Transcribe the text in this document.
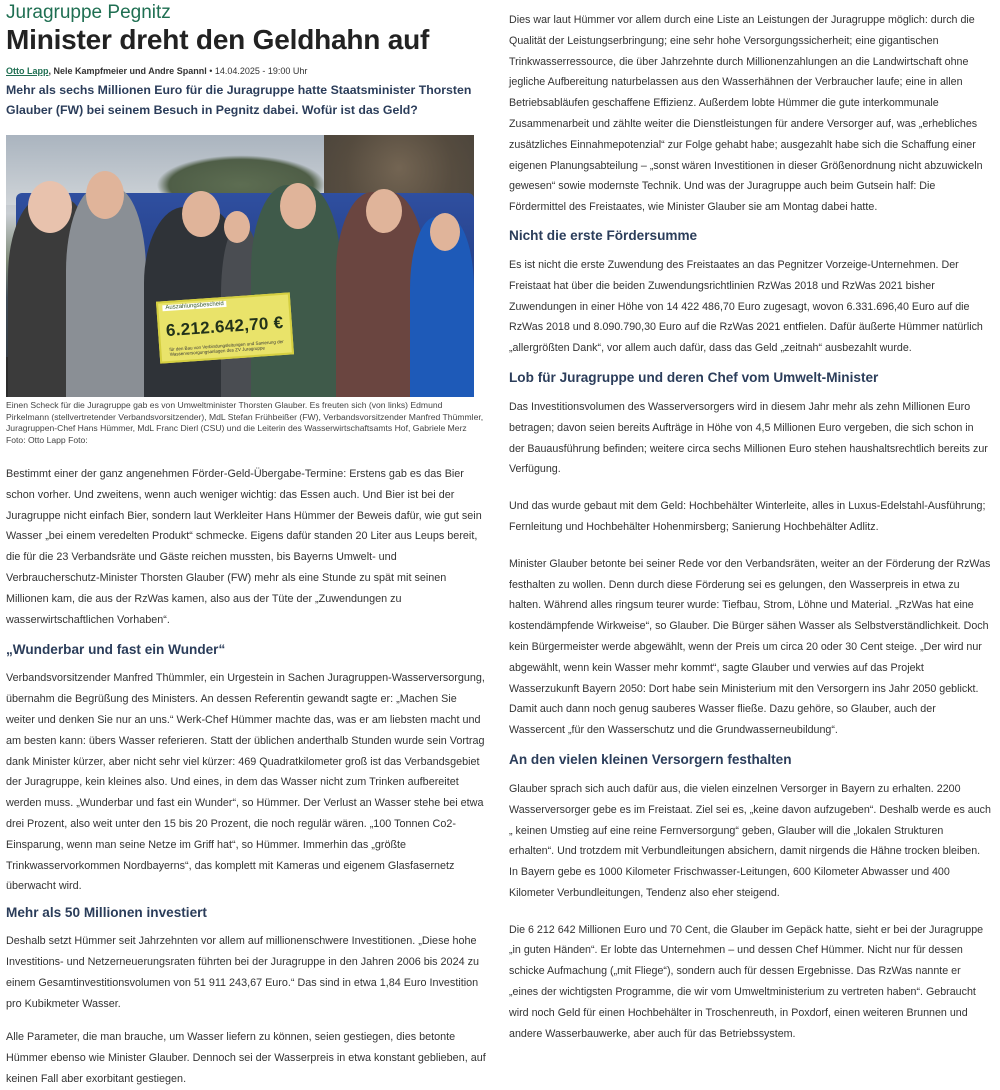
Juragruppe Pegnitz
Minister dreht den Geldhahn auf
Otto Lapp, Nele Kampfmeier und Andre Spannl • 14.04.2025 - 19:00 Uhr
Mehr als sechs Millionen Euro für die Juragruppe hatte Staatsminister Thorsten Glauber (FW) bei seinem Besuch in Pegnitz dabei. Wofür ist das Geld?
Auszahlungsbescheid
6.212.642,70 €
für den Bau von Verbindungsleitungen und Sanierung der Wasserversorgungsanlagen des ZV Juragruppe
Einen Scheck für die Juragruppe gab es von Umweltminister Thorsten Glauber. Es freuten sich (von links) Edmund Pirkelmann (stellvertretender Verbandsvorsitzender), MdL Stefan Frühbeißer (FW), Verbandsvorsitzender Manfred Thümmler, Juragruppen-Chef Hans Hümmer, MdL Franc Dierl (CSU) und die Leiterin des Wasserwirtschaftsamts Hof, Gabriele Merz Foto: Otto Lapp Foto:

Bestimmt einer der ganz angenehmen Förder-Geld-Übergabe-Termine: Erstens gab es das Bier schon vorher. Und zweitens, wenn auch weniger wichtig: das Essen auch. Und Bier ist bei der Juragruppe nicht einfach Bier, sondern laut Werkleiter Hans Hümmer der Beweis dafür, wie gut sein Wasser „bei einem veredelten Produkt“ schmecke. Eigens dafür standen 20 Liter aus Leups bereit, die für die 23 Verbandsräte und Gäste reichen mussten, bis Bayerns Umwelt- und Verbraucherschutz-Minister Thorsten Glauber (FW) mehr als eine Stunde zu spät mit seinen Millionen kam, die aus der RzWas kamen, also aus der Tüte der „Zuwendungen zu wasserwirtschaftlichen Vorhaben“.

„Wunderbar und fast ein Wunder“

Verbandsvorsitzender Manfred Thümmler, ein Urgestein in Sachen Juragruppen-Wasserversorgung, übernahm die Begrüßung des Ministers. An dessen Referentin gewandt sagte er: „Machen Sie weiter und denken Sie nur an uns.“ Werk-Chef Hümmer machte das, was er am liebsten macht und am besten kann: übers Wasser referieren. Statt der üblichen anderthalb Stunden wurde sein Vortrag dank Minister kürzer, aber nicht sehr viel kürzer: 469 Quadratkilometer groß ist das Verbandsgebiet der Juragruppe, kein kleines also. Und eines, in dem das Wasser nicht zum Trinken aufbereitet werden muss. „Wunderbar und fast ein Wunder“, so Hümmer. Der Verlust an Wasser stehe bei etwa drei Prozent, also weit unter den 15 bis 20 Prozent, die noch regulär wären. „100 Tonnen Co2-Einsparung, wenn man seine Netze im Griff hat“, so Hümmer. Immerhin das „größte Trinkwasservorkommen Nordbayerns“, das komplett mit Kameras und eigenem Glasfasernetz überwacht wird.

Mehr als 50 Millionen investiert

Deshalb setzt Hümmer seit Jahrzehnten vor allem auf millionenschwere Investitionen. „Diese hohe Investitions- und Netzerneuerungsraten führten bei der Juragruppe in den Jahren 2006 bis 2024 zu einem Gesamtinvestitionsvolumen von 51 911 243,67 Euro.“ Das sind in etwa 1,84 Euro Investition pro Kubikmeter Wasser.

Alle Parameter, die man brauche, um Wasser liefern zu können, seien gestiegen, dies betonte Hümmer ebenso wie Minister Glauber. Dennoch sei der Wasserpreis in etwa konstant geblieben, auf keinen Fall aber exorbitant gestiegen.

Dies war laut Hümmer vor allem durch eine Liste an Leistungen der Juragruppe möglich: durch die Qualität der Leistungserbringung; eine sehr hohe Versorgungssicherheit; eine gigantischen Trinkwasserressource, die über Jahrzehnte durch Millionenzahlungen an die Landwirtschaft ohne jegliche Aufbereitung naturbelassen aus den Wasserhähnen der Verbraucher laufe; eine in allen Betriebsabläufen geschaffene Effizienz. Außerdem lobte Hümmer die gute interkommunale Zusammenarbeit und zählte weiter die Dienstleistungen für andere Versorger auf, was „erhebliches zusätzliches Einnahmepotenzial“ zur Folge gehabt habe; ausgezahlt habe sich die Schaffung einer eigenen Planungsabteilung – „sonst wären Investitionen in dieser Größenordnung nicht abzuwickeln gewesen“ sowie modernste Technik. Und was der Juragruppe auch beim Gutsein half: Die Fördermittel des Freistaates, wie Minister Glauber sie am Montag dabei hatte.

Nicht die erste Fördersumme

Es ist nicht die erste Zuwendung des Freistaates an das Pegnitzer Vorzeige-Unternehmen. Der Freistaat hat über die beiden Zuwendungsrichtlinien RzWas 2018 und RzWas 2021 bisher Zuwendungen in einer Höhe von 14 422 486,70 Euro zugesagt, wovon 6.331.696,40 Euro auf die RzWas 2018 und 8.090.790,30 Euro auf die RzWas 2021 entfielen. Dafür äußerte Hümmer natürlich „allergrößten Dank“, vor allem auch dafür, dass das Geld „zeitnah“ ausbezahlt wurde.

Lob für Juragruppe und deren Chef vom Umwelt-Minister

Das Investitionsvolumen des Wasserversorgers wird in diesem Jahr mehr als zehn Millionen Euro betragen; davon seien bereits Aufträge in Höhe von 4,5 Millionen Euro vergeben, die sich schon in der Bauausführung befinden; weitere circa sechs Millionen Euro stehen haushaltsrechtlich bereits zur Verfügung.

Und das wurde gebaut mit dem Geld: Hochbehälter Winterleite, alles in Luxus-Edelstahl-Ausführung; Fernleitung und Hochbehälter Hohenmirsberg; Sanierung Hochbehälter Adlitz.

Minister Glauber betonte bei seiner Rede vor den Verbandsräten, weiter an der Förderung der RzWas festhalten zu wollen. Denn durch diese Förderung sei es gelungen, den Wasserpreis in etwa zu halten. Während alles ringsum teurer wurde: Tiefbau, Strom, Löhne und Material. „RzWas hat eine kostendämpfende Wirkweise“, so Glauber. Die Bürger sähen Wasser als Selbstverständlichkeit. Doch kein Bürgermeister werde abgewählt, wenn der Preis um circa 20 oder 30 Cent steige. „Der wird nur abgewählt, wenn kein Wasser mehr kommt“, sagte Glauber und verwies auf das Projekt Wasserzukunft Bayern 2050: Dort habe sein Ministerium mit den Versorgern ins Jahr 2050 geblickt. Damit auch dann noch genug sauberes Wasser fließe. Dazu gehöre, so Glauber, auch der Wassercent „für den Wasserschutz und die Grundwasserneubildung“.

An den vielen kleinen Versorgern festhalten

Glauber sprach sich auch dafür aus, die vielen einzelnen Versorger in Bayern zu erhalten. 2200 Wasserversorger gebe es im Freistaat. Ziel sei es, „keine davon aufzugeben“. Deshalb werde es auch „ keinen Umstieg auf eine reine Fernversorgung“ geben, Glauber will die „lokalen Strukturen erhalten“. Und trotzdem mit Verbundleitungen absichern, damit nirgends die Hähne trocken bleiben. In Bayern gebe es 1000 Kilometer Frischwasser-Leitungen, 600 Kilometer Abwasser und 400 Kilometer Verbundleitungen, Tendenz also eher steigend.

Die 6 212 642 Millionen Euro und 70 Cent, die Glauber im Gepäck hatte, sieht er bei der Juragruppe „in guten Händen“. Er lobte das Unternehmen – und dessen Chef Hümmer. Nicht nur für dessen schicke Aufmachung („mit Fliege“), sondern auch für dessen Ergebnisse. Das RzWas nannte er „eines der wichtigsten Programme, die wir vom Umweltministerium zu vertreten haben“. Gebraucht wird noch Geld für einen Hochbehälter in Troschenreuth, in Poxdorf, einen weiteren Brunnen und andere Wasserbauwerke, aber auch für das Betriebssystem.
